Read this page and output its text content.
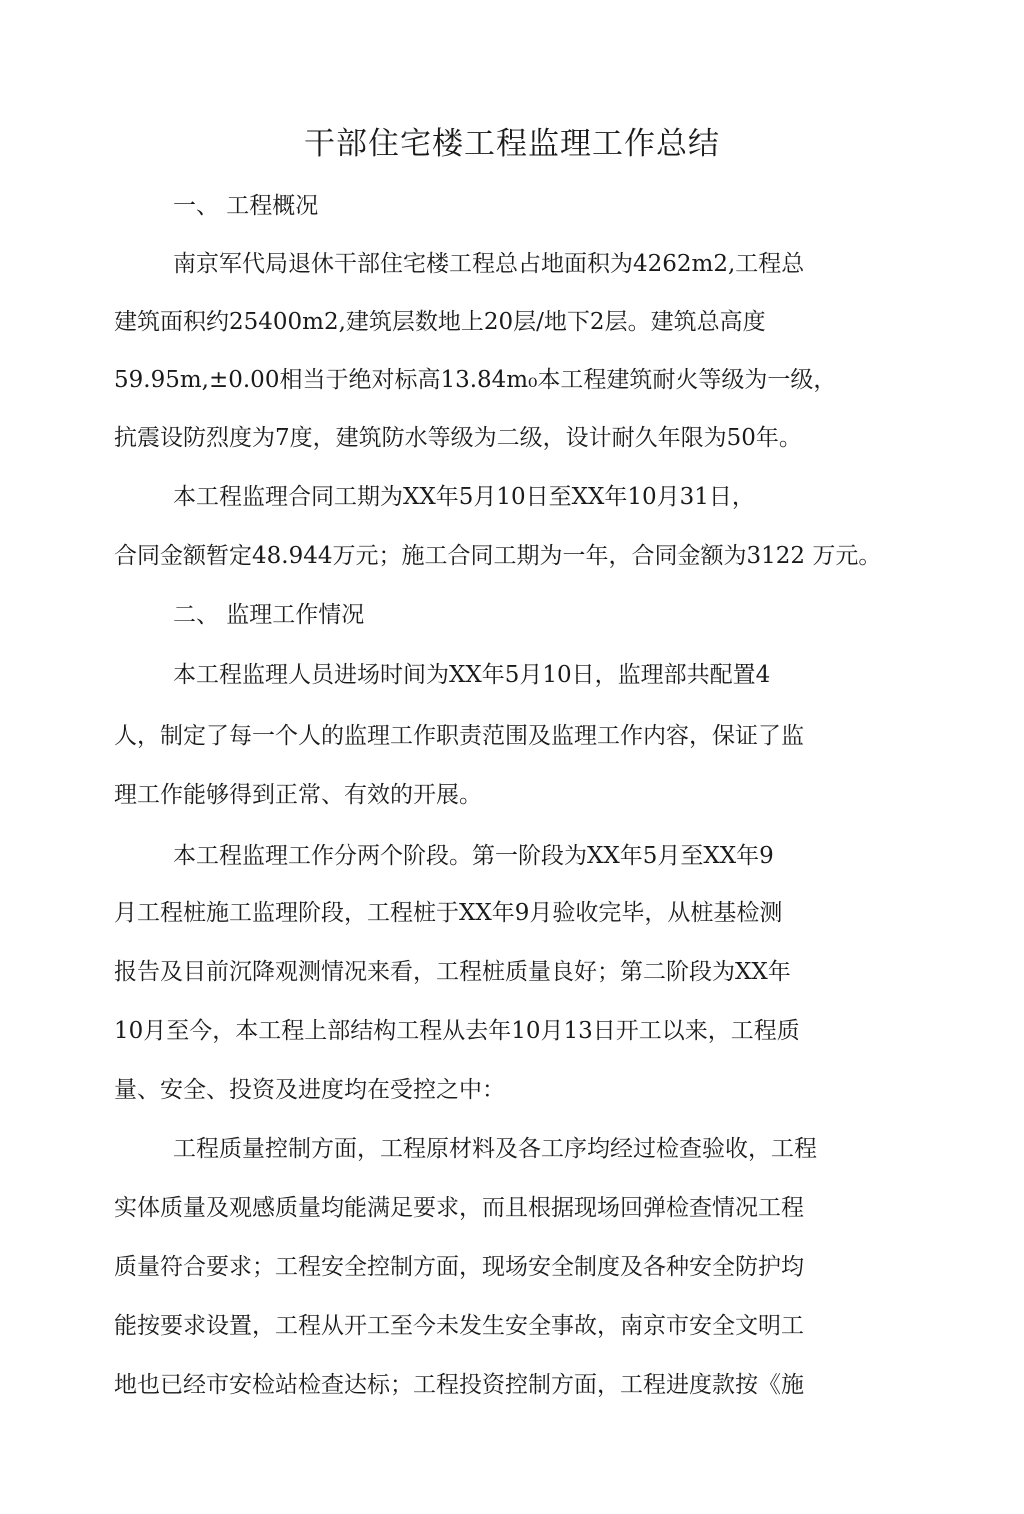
干部住宅楼工程监理工作总结
一、 工程概况
南京军代局退休干部住宅楼工程总占地面积为4262m2,工程总
建筑面积约25400m2,建筑层数地上20层/地下2层。建筑总高度
59.95m,±0.00相当于绝对标高13.84m₀本工程建筑耐火等级为一级，
抗震设防烈度为7度，建筑防水等级为二级，设计耐久年限为50年。
本工程监理合同工期为XX年5月10日至XX年10月31日，
合同金额暂定48.944万元；施工合同工期为一年，合同金额为3122 万元。
二、 监理工作情况
本工程监理人员进场时间为XX年5月10日，监理部共配置4
人，制定了每一个人的监理工作职责范围及监理工作内容，保证了监
理工作能够得到正常、有效的开展。
本工程监理工作分两个阶段。第一阶段为XX年5月至XX年9
月工程桩施工监理阶段，工程桩于XX年9月验收完毕，从桩基检测
报告及目前沉降观测情况来看，工程桩质量良好；第二阶段为XX年
10月至今，本工程上部结构工程从去年10月13日开工以来，工程质
量、安全、投资及进度均在受控之中：
工程质量控制方面，工程原材料及各工序均经过检查验收，工程
实体质量及观感质量均能满足要求，而且根据现场回弹检查情况工程
质量符合要求；工程安全控制方面，现场安全制度及各种安全防护均
能按要求设置，工程从开工至今未发生安全事故，南京市安全文明工
地也已经市安检站检查达标；工程投资控制方面，工程进度款按《施
